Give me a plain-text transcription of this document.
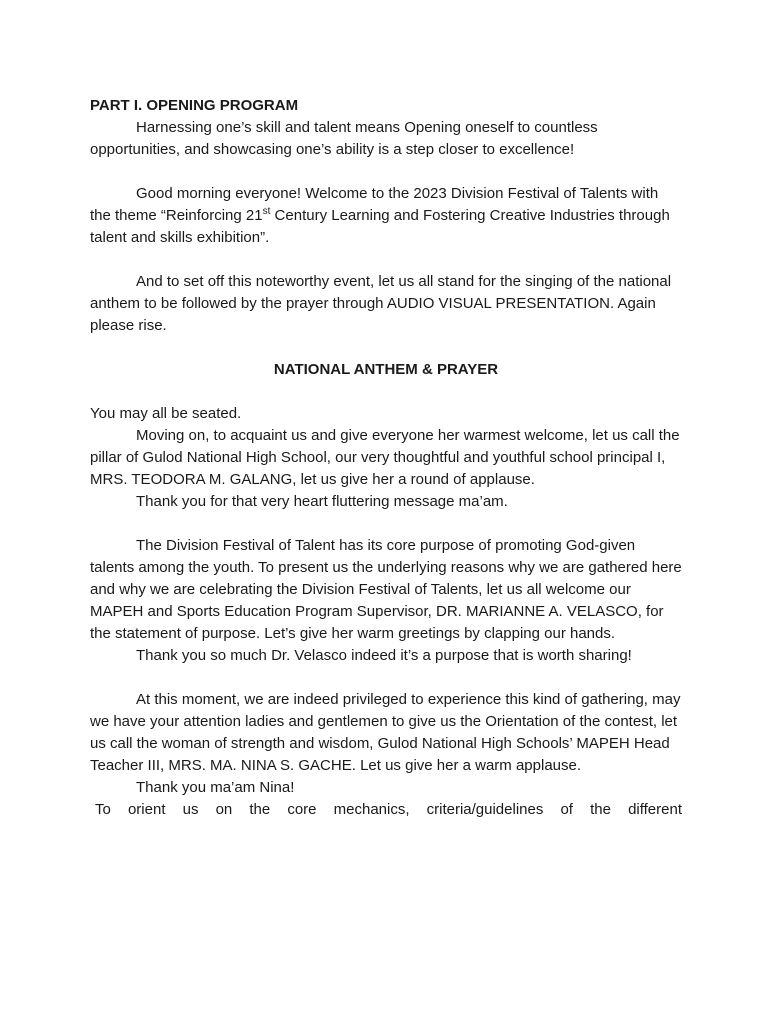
PART I. OPENING PROGRAM

Harnessing one’s skill and talent means Opening oneself to countless opportunities, and showcasing one’s ability is a step closer to excellence!

Good morning everyone! Welcome to the 2023 Division Festival of Talents with the theme “Reinforcing 21st Century Learning and Fostering Creative Industries through talent and skills exhibition”.

And to set off this noteworthy event, let us all stand for the singing of the national anthem to be followed by the prayer through AUDIO VISUAL PRESENTATION. Again please rise.

NATIONAL ANTHEM & PRAYER

You may all be seated.

Moving on, to acquaint us and give everyone her warmest welcome, let us call the pillar of Gulod National High School, our very thoughtful and youthful school principal I, MRS. TEODORA M. GALANG, let us give her a round of applause.

Thank you for that very heart fluttering message ma’am.

The Division Festival of Talent has its core purpose of promoting God-given talents among the youth. To present us the underlying reasons why we are gathered here and why we are celebrating the Division Festival of Talents, let us all welcome our MAPEH and Sports Education Program Supervisor, DR. MARIANNE A. VELASCO, for the statement of purpose. Let’s give her warm greetings by clapping our hands.

Thank you so much Dr. Velasco indeed it’s a purpose that is worth sharing!

At this moment, we are indeed privileged to experience this kind of gathering, may we have your attention ladies and gentlemen to give us the Orientation of the contest, let us call the woman of strength and wisdom, Gulod National High Schools’ MAPEH Head Teacher III, MRS. MA. NINA S. GACHE. Let us give her a warm applause.

Thank you ma’am Nina!

To orient us on the core mechanics, criteria/guidelines of the different
